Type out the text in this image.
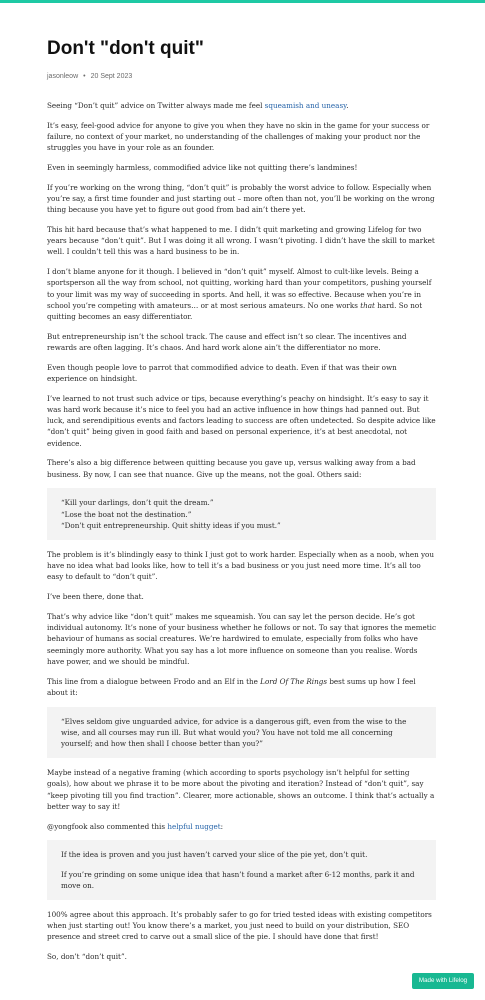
Don't "don't quit"
jasonleow • 20 Sept 2023

Seeing “Don’t quit” advice on Twitter always made me feel squeamish and uneasy.

It’s easy, feel-good advice for anyone to give you when they have no skin in the game for your success or failure, no context of your market, no understanding of the challenges of making your product nor the struggles you have in your role as an founder.

Even in seemingly harmless, commodified advice like not quitting there’s landmines!

If you’re working on the wrong thing, “don’t quit” is probably the worst advice to follow. Especially when you’re say, a first time founder and just starting out – more often than not, you’ll be working on the wrong thing because you have yet to figure out good from bad ain’t there yet.

This hit hard because that’s what happened to me. I didn’t quit marketing and growing Lifelog for two years because “don’t quit”. But I was doing it all wrong. I wasn’t pivoting. I didn’t have the skill to market well. I couldn’t tell this was a hard business to be in.

I don’t blame anyone for it though. I believed in “don’t quit” myself. Almost to cult-like levels. Being a sportsperson all the way from school, not quitting, working hard than your competitors, pushing yourself to your limit was my way of succeeding in sports. And hell, it was so effective. Because when you’re in school you’re competing with amateurs… or at most serious amateurs. No one works that hard. So not quitting becomes an easy differentiator.

But entrepreneurship isn’t the school track. The cause and effect isn’t so clear. The incentives and rewards are often lagging. It’s chaos. And hard work alone ain’t the differentiator no more.

Even though people love to parrot that commodified advice to death. Even if that was their own experience on hindsight.

I’ve learned to not trust such advice or tips, because everything’s peachy on hindsight. It’s easy to say it was hard work because it’s nice to feel you had an active influence in how things had panned out. But luck, and serendipitious events and factors leading to success are often undetected. So despite advice like “don’t quit” being given in good faith and based on personal experience, it’s at best anecdotal, not evidence.

There’s also a big difference between quitting because you gave up, versus walking away from a bad business. By now, I can see that nuance. Give up the means, not the goal. Others said:

“Kill your darlings, don’t quit the dream.”
“Lose the boat not the destination.”
“Don’t quit entrepreneurship. Quit shitty ideas if you must.”

The problem is it’s blindingly easy to think I just got to work harder. Especially when as a noob, when you have no idea what bad looks like, how to tell it’s a bad business or you just need more time. It’s all too easy to default to “don’t quit”.

I’ve been there, done that.

That’s why advice like “don’t quit” makes me squeamish. You can say let the person decide. He’s got individual autonomy. It’s none of your business whether he follows or not. To say that ignores the memetic behaviour of humans as social creatures. We’re hardwired to emulate, especially from folks who have seemingly more authority. What you say has a lot more influence on someone than you realise. Words have power, and we should be mindful.

This line from a dialogue between Frodo and an Elf in the Lord Of The Rings best sums up how I feel about it:

“Elves seldom give unguarded advice, for advice is a dangerous gift, even from the wise to the wise, and all courses may run ill. But what would you? You have not told me all concerning yourself; and how then shall I choose better than you?”

Maybe instead of a negative framing (which according to sports psychology isn’t helpful for setting goals), how about we phrase it to be more about the pivoting and iteration? Instead of “don’t quit”, say “keep pivoting till you find traction”. Clearer, more actionable, shows an outcome. I think that’s actually a better way to say it!

@yongfook also commented this helpful nugget:

If the idea is proven and you just haven’t carved your slice of the pie yet, don’t quit.

If you’re grinding on some unique idea that hasn’t found a market after 6-12 months, park it and move on.

100% agree about this approach. It’s probably safer to go for tried tested ideas with existing competitors when just starting out! You know there’s a market, you just need to build on your distribution, SEO presence and street cred to carve out a small slice of the pie. I should have done that first!

So, don’t “don’t quit”.

Made with Lifelog
